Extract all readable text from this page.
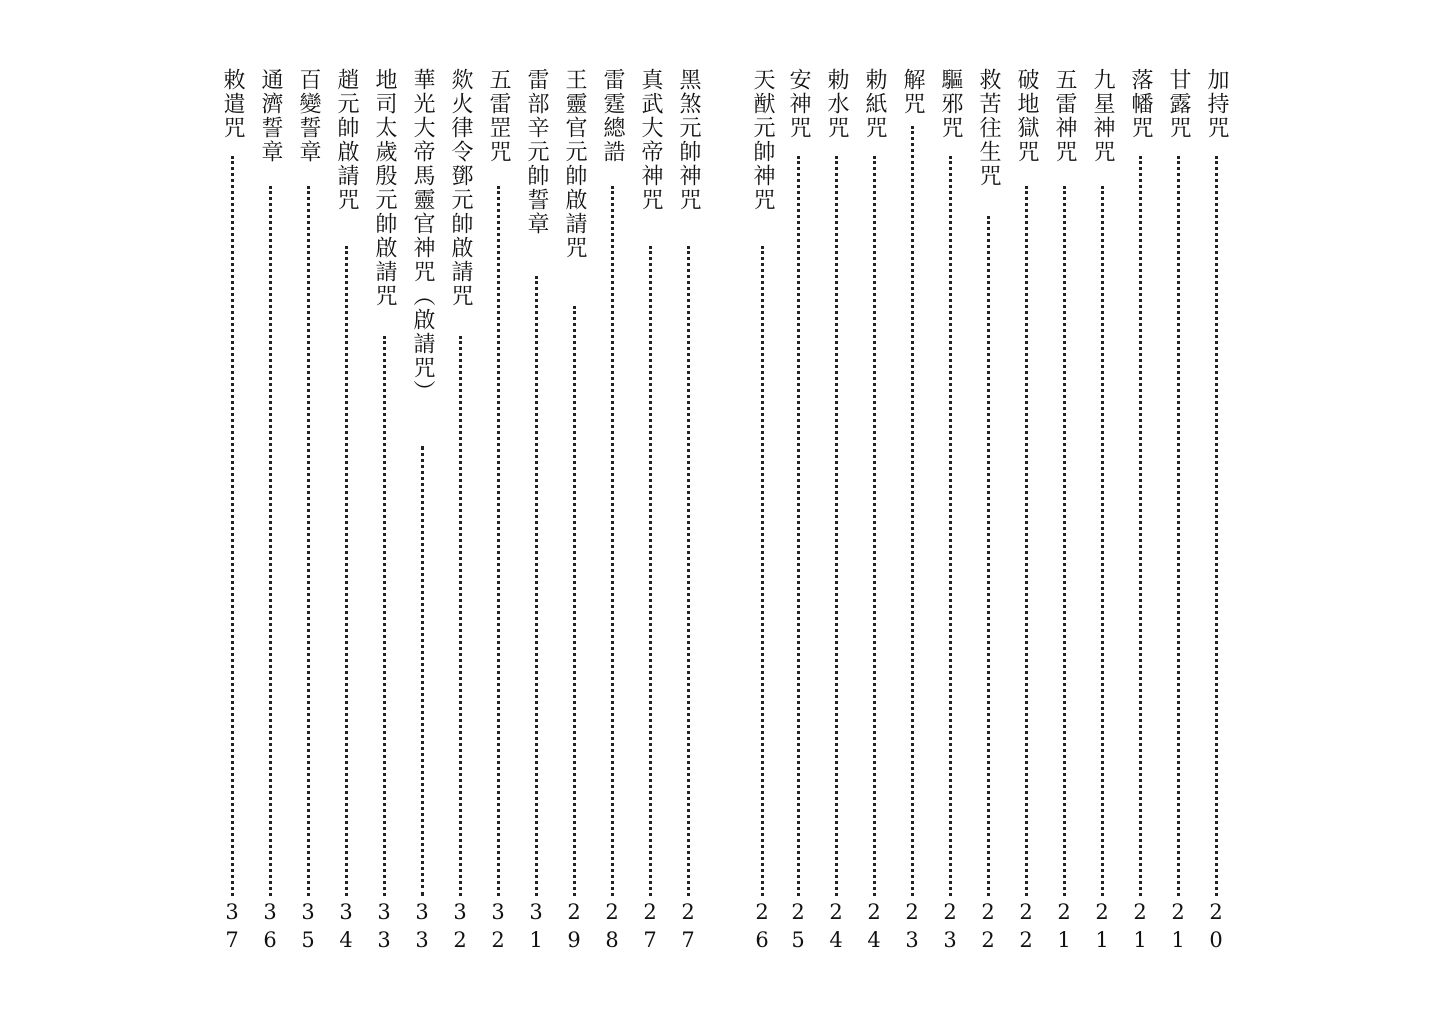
加持咒
20
甘露咒
21
落幡咒
21
九星神咒
21
五雷神咒
21
破地獄咒
22
救苦往生咒
22
驅邪咒
23
解咒
23
勅紙咒
24
勅水咒
24
安神咒
25
天猷元帥神咒
26
黑煞元帥神咒
27
真武大帝神咒
27
雷霆總誥
28
王靈官元帥啟請咒
29
雷部辛元帥誓章
31
五雷罡咒
32
欻火律令鄧元帥啟請咒
32
華光大帝馬靈官神咒（啟請咒）
33
地司太歲殷元帥啟請咒
33
趙元帥啟請咒
34
百變誓章
35
通濟誓章
36
敕遣咒
37
